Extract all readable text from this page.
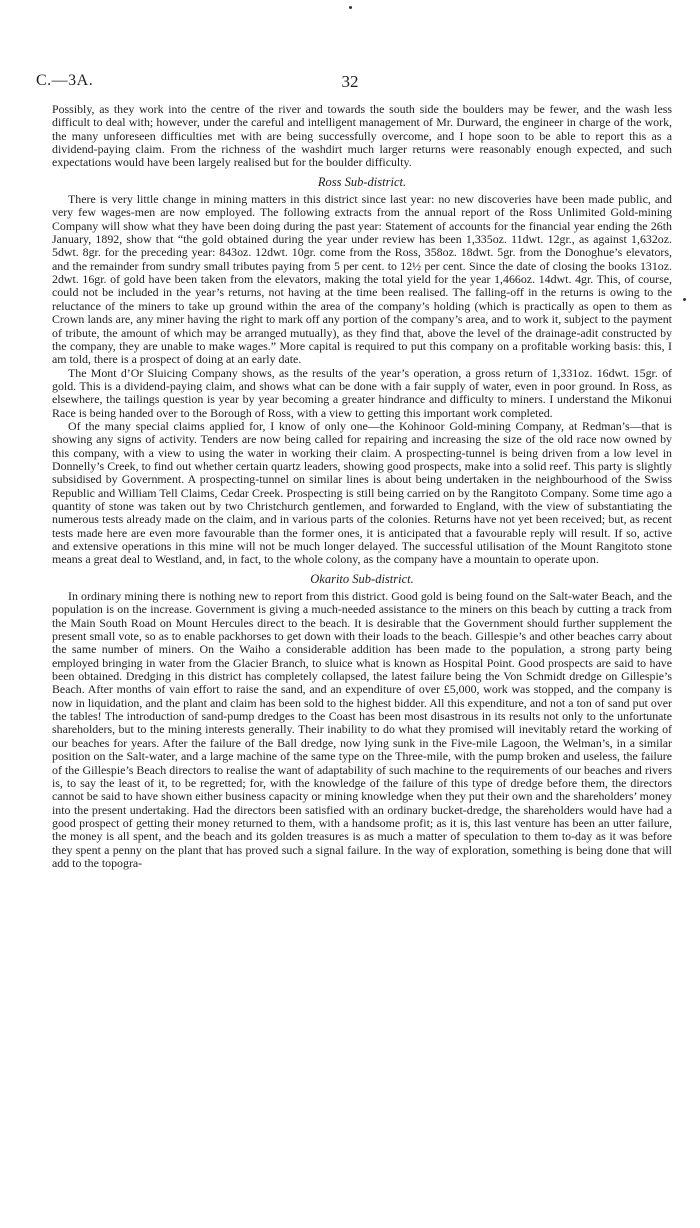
C.—3A.	32

Possibly, as they work into the centre of the river and towards the south side the boulders may be fewer, and the wash less difficult to deal with; however, under the careful and intelligent management of Mr. Durward, the engineer in charge of the work, the many unforeseen difficulties met with are being successfully overcome, and I hope soon to be able to report this as a dividend-paying claim. From the richness of the washdirt much larger returns were reasonably enough expected, and such expectations would have been largely realised but for the boulder difficulty.

Ross Sub-district.

There is very little change in mining matters in this district since last year: no new discoveries have been made public, and very few wages-men are now employed. The following extracts from the annual report of the Ross Unlimited Gold-mining Company will show what they have been doing during the past year: Statement of accounts for the financial year ending the 26th January, 1892, show that “the gold obtained during the year under review has been 1,335oz. 11dwt. 12gr., as against 1,632oz. 5dwt. 8gr. for the preceding year: 843oz. 12dwt. 10gr. come from the Ross, 358oz. 18dwt. 5gr. from the Donoghue’s elevators, and the remainder from sundry small tributes paying from 5 per cent. to 12½ per cent. Since the date of closing the books 131oz. 2dwt. 16gr. of gold have been taken from the elevators, making the total yield for the year 1,466oz. 14dwt. 4gr. This, of course, could not be included in the year’s returns, not having at the time been realised. The falling-off in the returns is owing to the reluctance of the miners to take up ground within the area of the company’s holding (which is practically as open to them as Crown lands are, any miner having the right to mark off any portion of the company’s area, and to work it, subject to the payment of tribute, the amount of which may be arranged mutually), as they find that, above the level of the drainage-adit constructed by the company, they are unable to make wages.” More capital is required to put this company on a profitable working basis: this, I am told, there is a prospect of doing at an early date.

The Mont d’Or Sluicing Company shows, as the results of the year’s operation, a gross return of 1,331oz. 16dwt. 15gr. of gold. This is a dividend-paying claim, and shows what can be done with a fair supply of water, even in poor ground. In Ross, as elsewhere, the tailings question is year by year becoming a greater hindrance and difficulty to miners. I understand the Mikonui Race is being handed over to the Borough of Ross, with a view to getting this important work completed.

Of the many special claims applied for, I know of only one—the Kohinoor Gold-mining Company, at Redman’s—that is showing any signs of activity. Tenders are now being called for repairing and increasing the size of the old race now owned by this company, with a view to using the water in working their claim. A prospecting-tunnel is being driven from a low level in Donnelly’s Creek, to find out whether certain quartz leaders, showing good prospects, make into a solid reef. This party is slightly subsidised by Government. A prospecting-tunnel on similar lines is about being undertaken in the neighbourhood of the Swiss Republic and William Tell Claims, Cedar Creek. Prospecting is still being carried on by the Rangitoto Company. Some time ago a quantity of stone was taken out by two Christchurch gentlemen, and forwarded to England, with the view of substantiating the numerous tests already made on the claim, and in various parts of the colonies. Returns have not yet been received; but, as recent tests made here are even more favourable than the former ones, it is anticipated that a favourable reply will result. If so, active and extensive operations in this mine will not be much longer delayed. The successful utilisation of the Mount Rangitoto stone means a great deal to Westland, and, in fact, to the whole colony, as the company have a mountain to operate upon.

Okarito Sub-district.

In ordinary mining there is nothing new to report from this district. Good gold is being found on the Salt-water Beach, and the population is on the increase. Government is giving a much-needed assistance to the miners on this beach by cutting a track from the Main South Road on Mount Hercules direct to the beach. It is desirable that the Government should further supplement the present small vote, so as to enable packhorses to get down with their loads to the beach. Gillespie’s and other beaches carry about the same number of miners. On the Waiho a considerable addition has been made to the population, a strong party being employed bringing in water from the Glacier Branch, to sluice what is known as Hospital Point. Good prospects are said to have been obtained. Dredging in this district has completely collapsed, the latest failure being the Von Schmidt dredge on Gillespie’s Beach. After months of vain effort to raise the sand, and an expenditure of over £5,000, work was stopped, and the company is now in liquidation, and the plant and claim has been sold to the highest bidder. All this expenditure, and not a ton of sand put over the tables! The introduction of sand-pump dredges to the Coast has been most disastrous in its results not only to the unfortunate shareholders, but to the mining interests generally. Their inability to do what they promised will inevitably retard the working of our beaches for years. After the failure of the Ball dredge, now lying sunk in the Five-mile Lagoon, the Welman’s, in a similar position on the Salt-water, and a large machine of the same type on the Three-mile, with the pump broken and useless, the failure of the Gillespie’s Beach directors to realise the want of adaptability of such machine to the requirements of our beaches and rivers is, to say the least of it, to be regretted; for, with the knowledge of the failure of this type of dredge before them, the directors cannot be said to have shown either business capacity or mining knowledge when they put their own and the shareholders’ money into the present undertaking. Had the directors been satisfied with an ordinary bucket-dredge, the shareholders would have had a good prospect of getting their money returned to them, with a handsome profit; as it is, this last venture has been an utter failure, the money is all spent, and the beach and its golden treasures is as much a matter of speculation to them to-day as it was before they spent a penny on the plant that has proved such a signal failure. In the way of exploration, something is being done that will add to the topogra-
